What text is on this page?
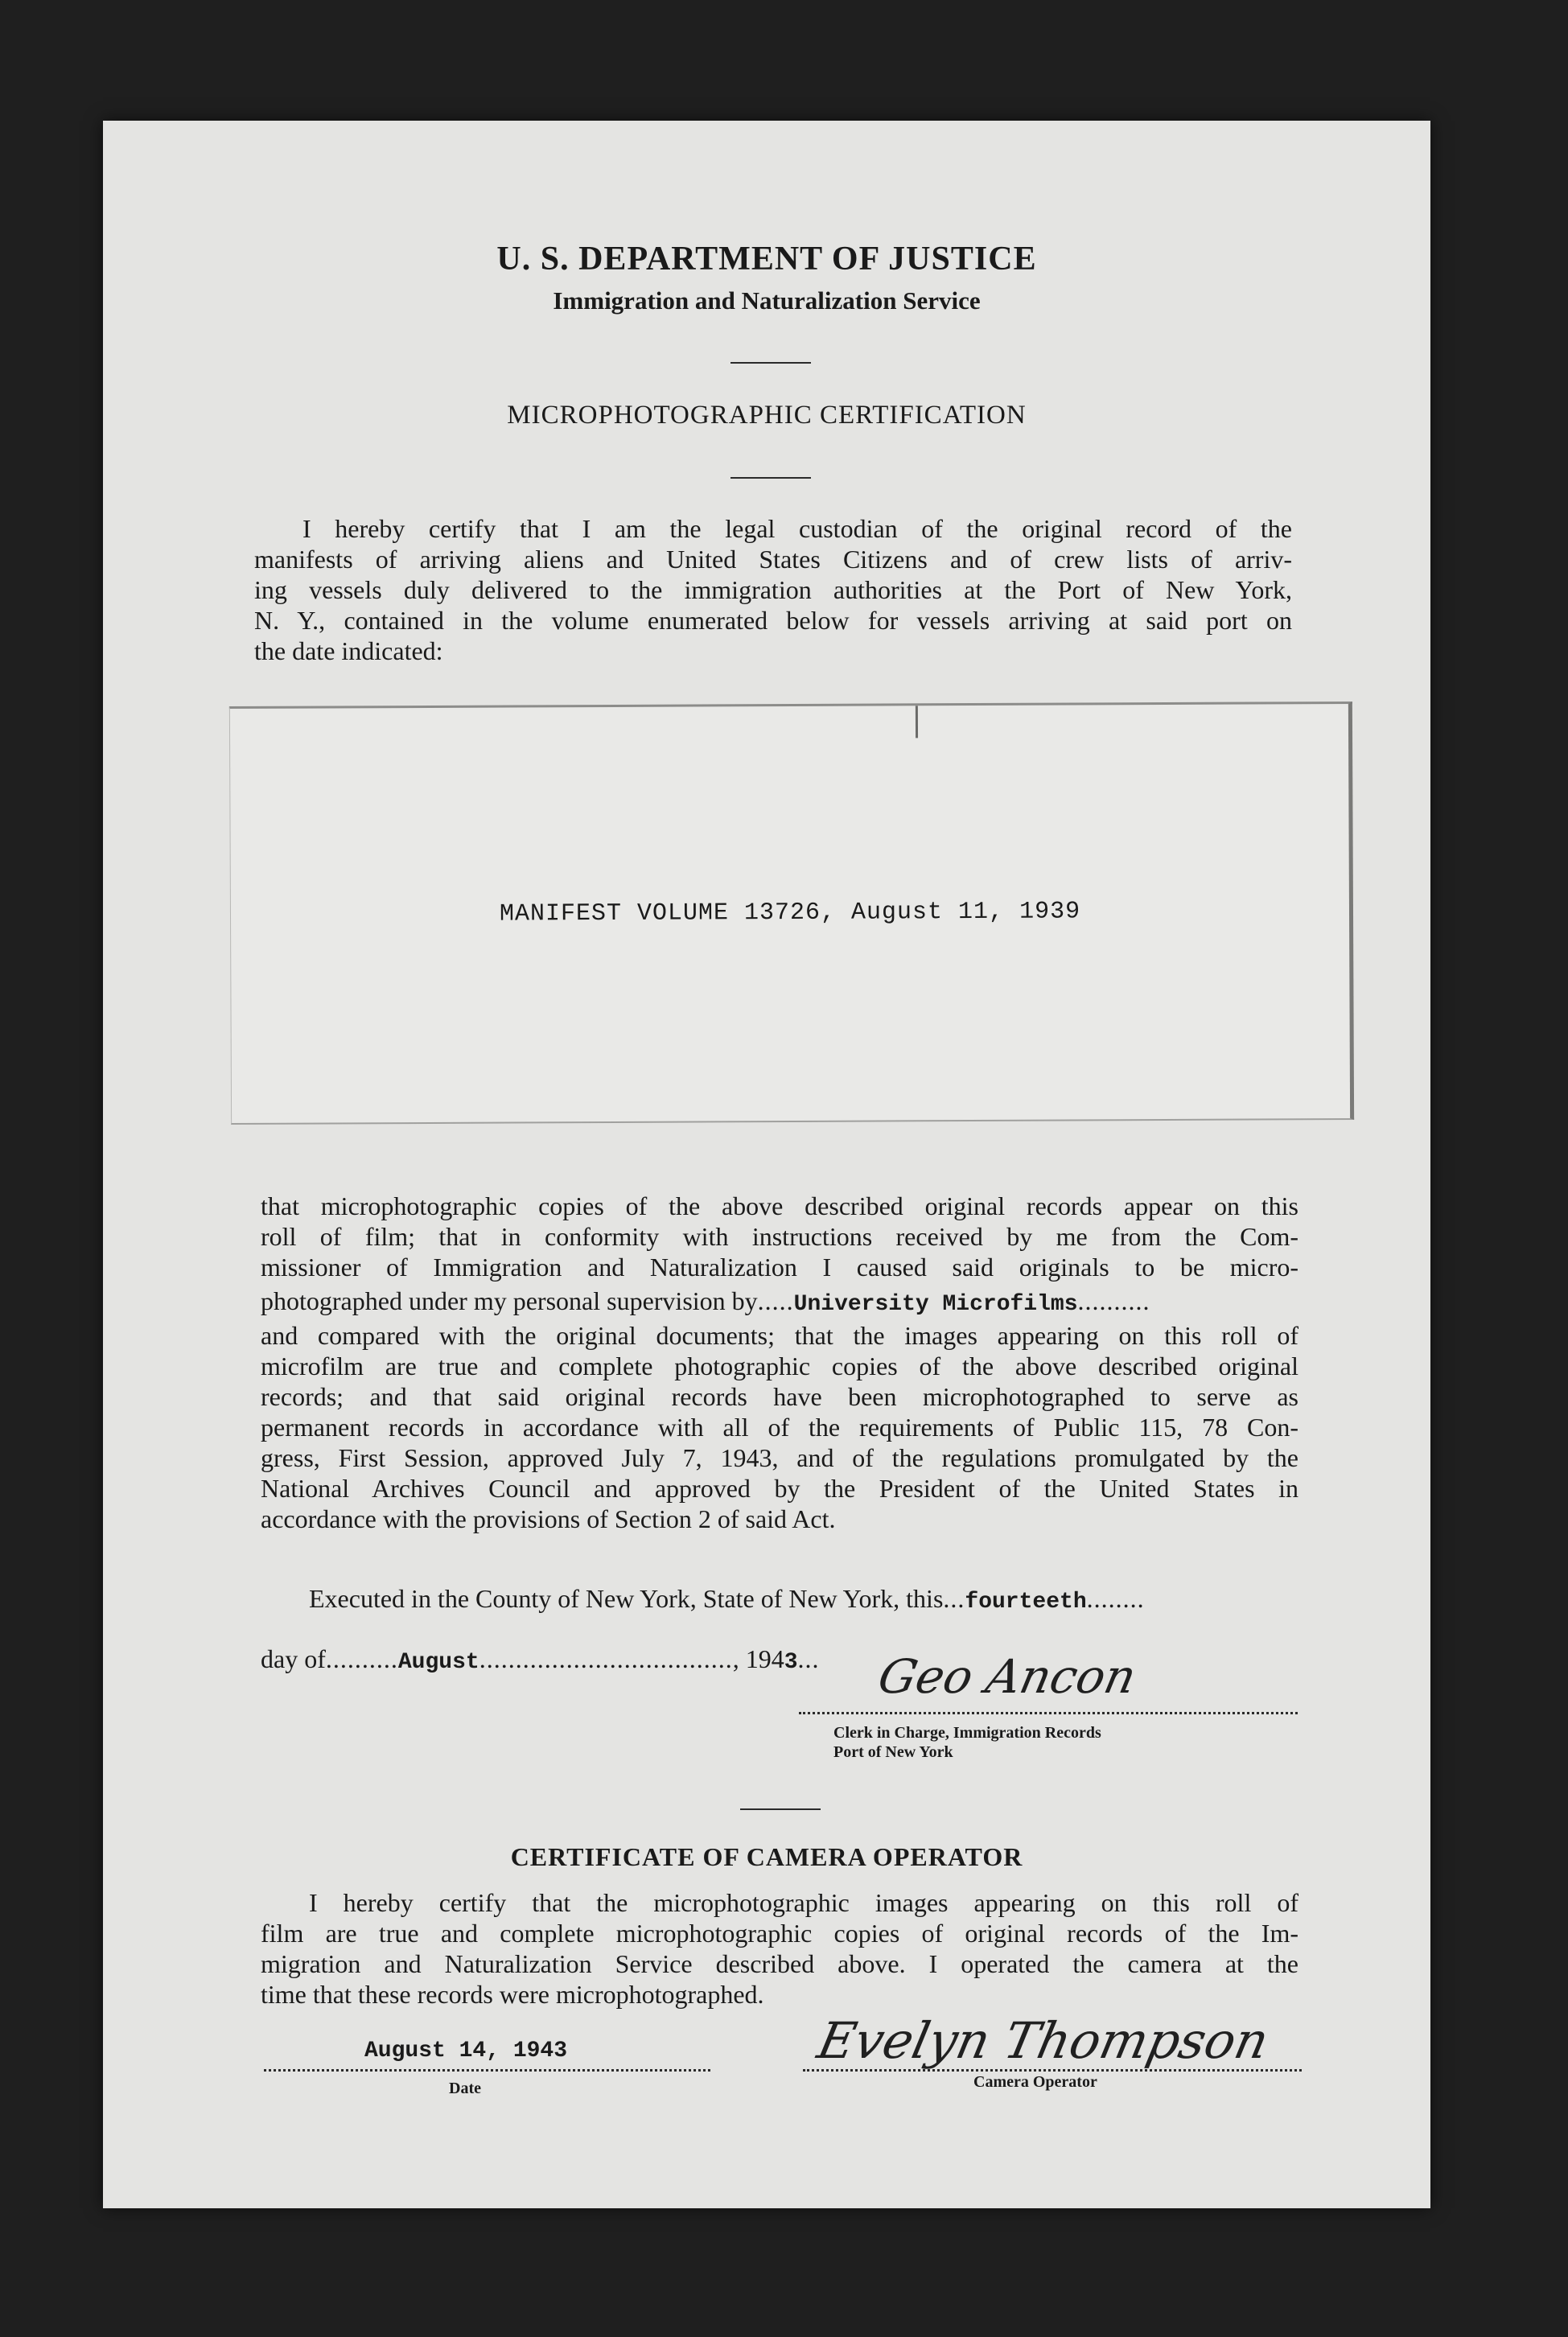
U. S. DEPARTMENT OF JUSTICE
Immigration and Naturalization Service
MICROPHOTOGRAPHIC CERTIFICATION
I hereby certify that I am the legal custodian of the original record of the
manifests of arriving aliens and United States Citizens and of crew lists of arriv-
ing vessels duly delivered to the immigration authorities at the Port of New York,
N. Y., contained in the volume enumerated below for vessels arriving at said port on
the date indicated:
MANIFEST VOLUME 13726, August 11, 1939
that microphotographic copies of the above described original records appear on this
roll of film; that in conformity with instructions received by me from the Com-
missioner of Immigration and Naturalization I caused said originals to be micro-
photographed under my personal supervision by.....University Microfilms..........
and compared with the original documents; that the images appearing on this roll of
microfilm are true and complete photographic copies of the above described original
records; and that said original records have been microphotographed to serve as
permanent records in accordance with all of the requirements of Public 115, 78 Con-
gress, First Session, approved July 7, 1943, and of the regulations promulgated by the
National Archives Council and approved by the President of the United States in
accordance with the provisions of Section 2 of said Act.
Executed in the County of New York, State of New York, this...fourteeth........
day of..........August..................................., 1943...	Geo Ancon
Clerk in Charge, Immigration Records
Port of New York
CERTIFICATE OF CAMERA OPERATOR
I hereby certify that the microphotographic images appearing on this roll of
film are true and complete microphotographic copies of original records of the Im-
migration and Naturalization Service described above. I operated the camera at the
time that these records were microphotographed.
August 14, 1943
Date
Evelyn Thompson
Camera Operator
